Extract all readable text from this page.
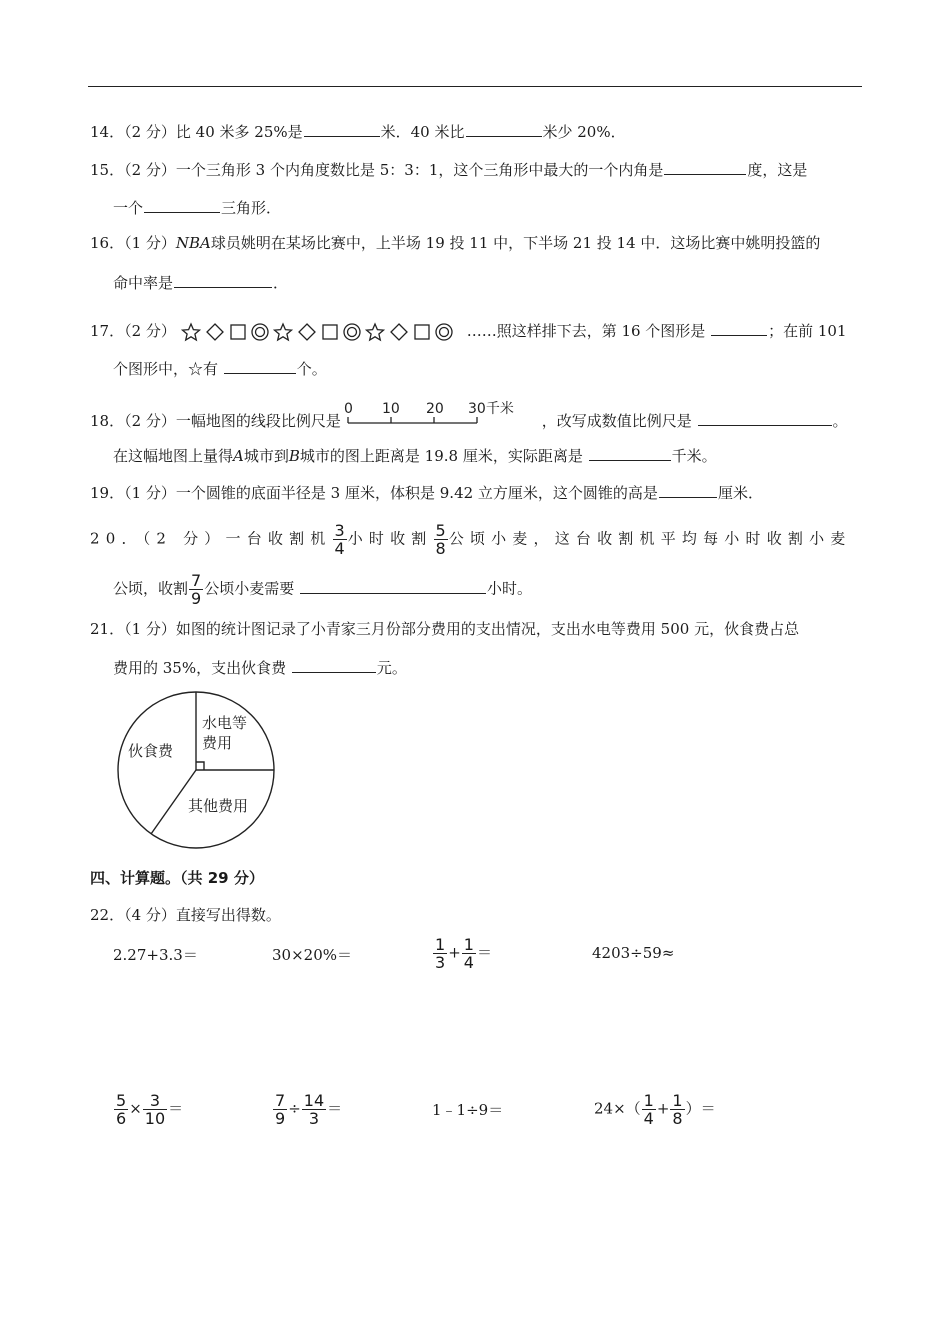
14．（2 分）比 40 米多 25%是	米．40 米比	米少 20%．
15．（2 分）一个三角形 3 个内角度数比是 5：3：1，这个三角形中最大的一个内角是	度，这是
一个	三角形．
16．（1 分）NBA球员姚明在某场比赛中，上半场 19 投 11 中，下半场 21 投 14 中．这场比赛中姚明投篮的
命中率是	．
17．（2 分）	……照这样排下去，第 16 个图形是	；在前 101
个图形中，☆有	个。
18．（2 分）一幅地图的线段比例尺是
0 10 20 30千米
，改写成数值比例尺是	。
在这幅地图上量得A城市到B城市的图上距离是 19.8 厘米，实际距离是	千米。
19．（1 分）一个圆锥的底面半径是 3 厘米，体积是 9.42 立方厘米，这个圆锥的高是	厘米．
20．（2 分）一台收割机 $\frac{3}{4}$ 小时收割 $\frac{5}{8}$ 公顷小麦，这台收割机平均每小时收割小麦
公顷，收割 $\frac{7}{9}$ 公顷小麦需要	小时。
21．（1 分）如图的统计图记录了小青家三月份部分费用的支出情况，支出水电等费用 500 元，伙食费占总
费用的 35%，支出伙食费	元。
伙食费
水电等
费用
其他费用
四、计算题。（共 29 分）
22．（4 分）直接写出得数。
2.27+3.3＝	30×20%＝	$\frac{1}{3} + \frac{1}{4}$ ＝	4203÷59≈
$\frac{5}{6} \times \frac{3}{10}$ ＝	$\frac{7}{9} \div \frac{14}{3}$ ＝	1﹣1÷9＝	$24\times( \frac{1}{4} + \frac{1}{8}$ ）＝
